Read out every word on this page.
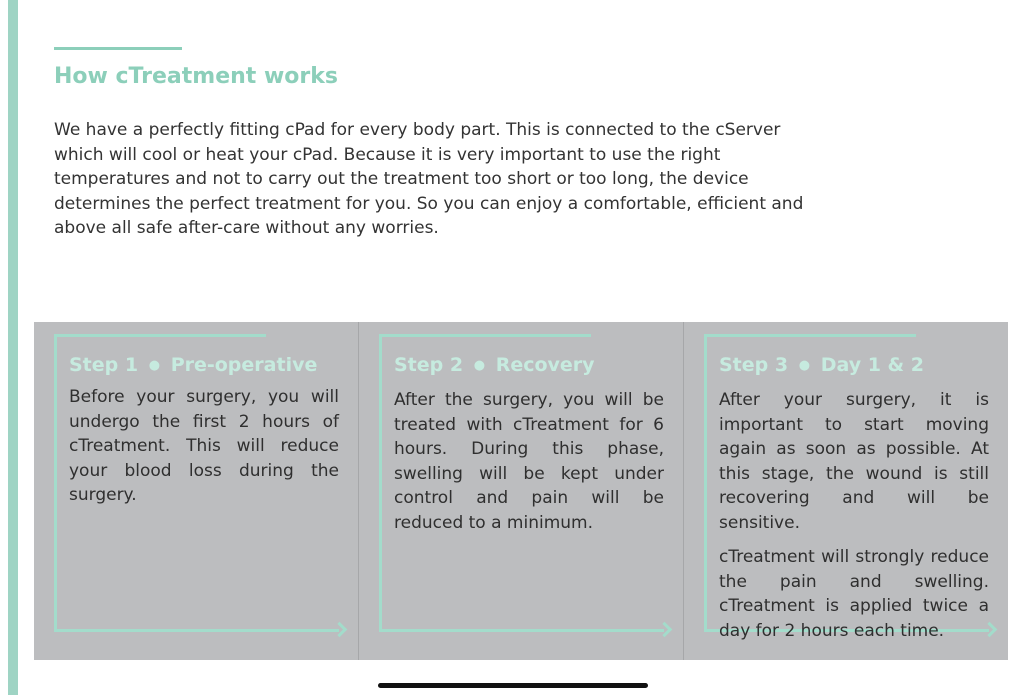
How cTreatment works

We have a perfectly fitting cPad for every body part. This is connected to the cServer which will cool or heat your cPad. Because it is very important to use the right temperatures and not to carry out the treatment too short or too long, the device determines the perfect treatment for you. So you can enjoy a comfortable, efficient and above all safe after-care without any worries.

Step 1 ● Pre-operative

Before your surgery, you will undergo the first 2 hours of cTreatment. This will reduce your blood loss during the surgery.

Step 2 ● Recovery

After the surgery, you will be treated with cTreatment for 6 hours. During this phase, swelling will be kept under control and pain will be reduced to a minimum.

Step 3 ● Day 1 & 2

After your surgery, it is important to start moving again as soon as possible. At this stage, the wound is still recovering and will be sensitive.

cTreatment will strongly reduce the pain and swelling. cTreatment is applied twice a day for 2 hours each time.
